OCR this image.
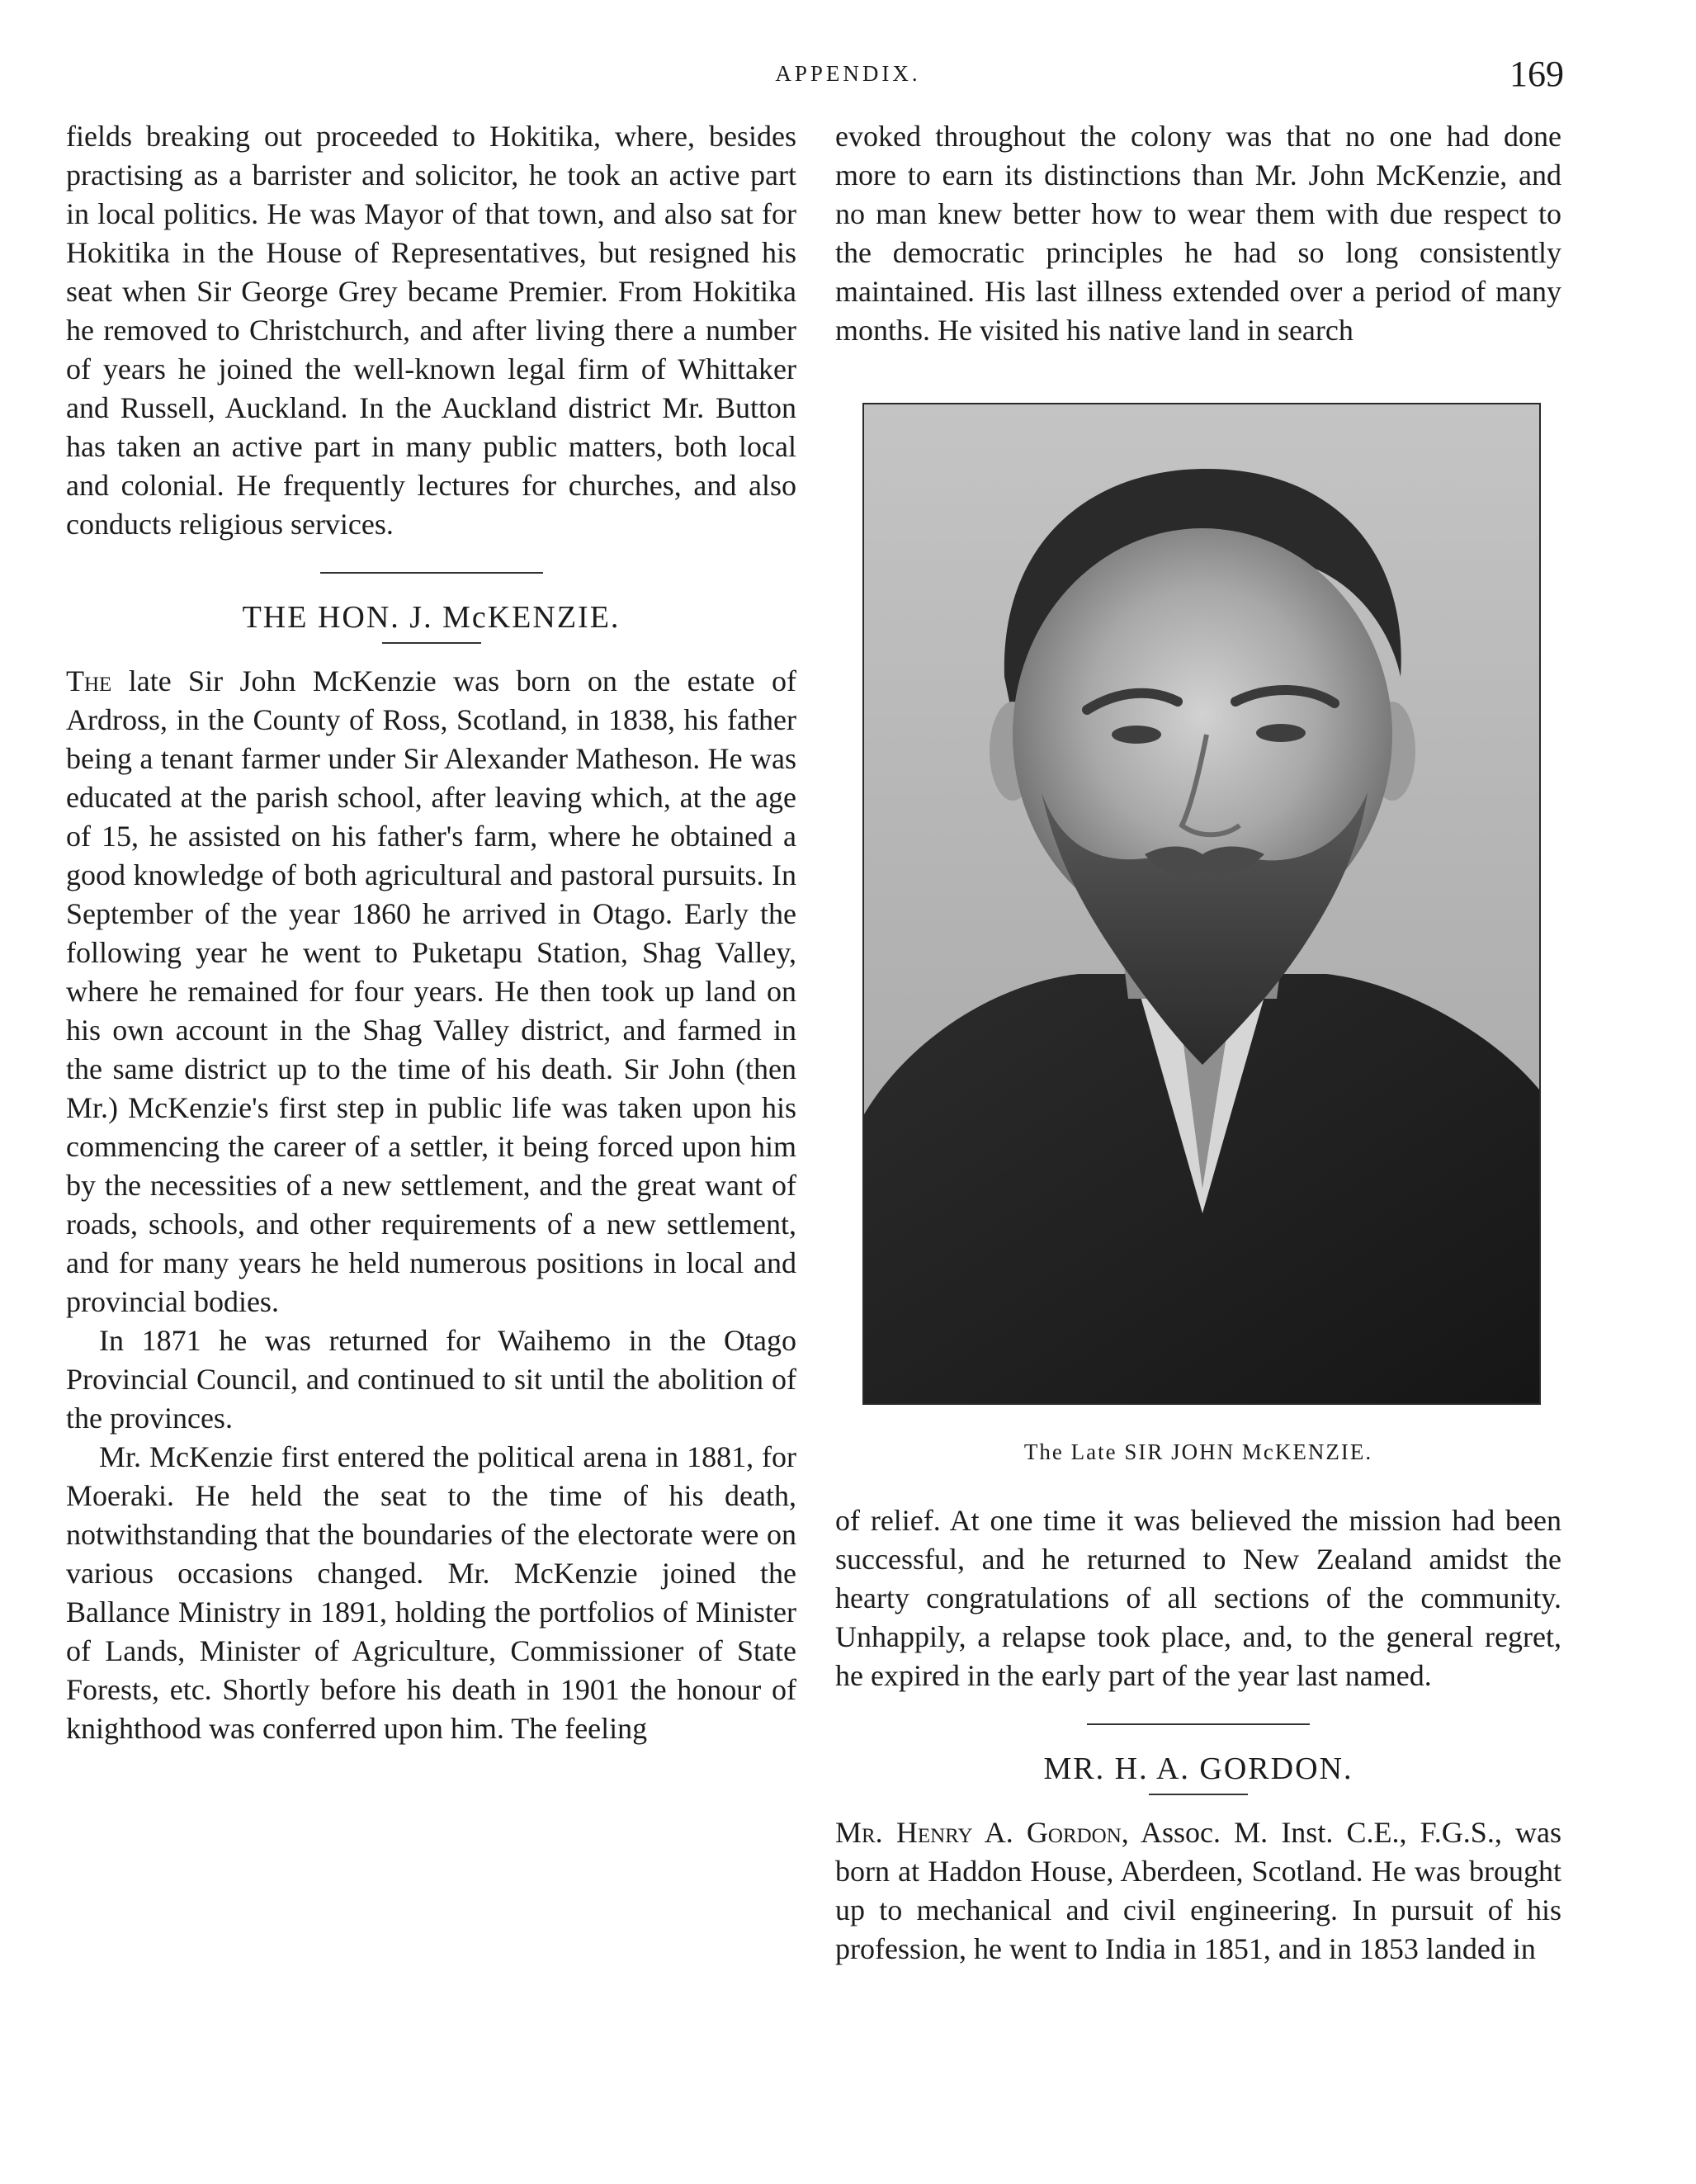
APPENDIX.	169

fields breaking out proceeded to Hokitika, where, besides practising as a barrister and solicitor, he took an active part in local politics. He was Mayor of that town, and also sat for Hokitika in the House of Representatives, but resigned his seat when Sir George Grey became Premier. From Hokitika he removed to Christchurch, and after living there a number of years he joined the well-known legal firm of Whittaker and Russell, Auckland. In the Auckland district Mr. Button has taken an active part in many public matters, both local and colonial. He frequently lectures for churches, and also conducts religious services.

THE HON. J. McKENZIE.

The late Sir John McKenzie was born on the estate of Ardross, in the County of Ross, Scotland, in 1838, his father being a tenant farmer under Sir Alexander Matheson. He was educated at the parish school, after leaving which, at the age of 15, he assisted on his father's farm, where he obtained a good knowledge of both agricultural and pastoral pursuits. In September of the year 1860 he arrived in Otago. Early the following year he went to Puketapu Station, Shag Valley, where he remained for four years. He then took up land on his own account in the Shag Valley district, and farmed in the same district up to the time of his death. Sir John (then Mr.) McKenzie's first step in public life was taken upon his commencing the career of a settler, it being forced upon him by the necessities of a new settlement, and the great want of roads, schools, and other requirements of a new settlement, and for many years he held numerous positions in local and provincial bodies.

In 1871 he was returned for Waihemo in the Otago Provincial Council, and continued to sit until the abolition of the provinces.

Mr. McKenzie first entered the political arena in 1881, for Moeraki. He held the seat to the time of his death, notwithstanding that the boundaries of the electorate were on various occasions changed. Mr. McKenzie joined the Ballance Ministry in 1891, holding the portfolios of Minister of Lands, Minister of Agriculture, Commissioner of State Forests, etc. Shortly before his death in 1901 the honour of knighthood was conferred upon him. The feeling

evoked throughout the colony was that no one had done more to earn its distinctions than Mr. John McKenzie, and no man knew better how to wear them with due respect to the democratic principles he had so long consistently maintained. His last illness extended over a period of many months. He visited his native land in search

The Late SIR JOHN McKENZIE.

of relief. At one time it was believed the mission had been successful, and he returned to New Zealand amidst the hearty congratulations of all sections of the community. Unhappily, a relapse took place, and, to the general regret, he expired in the early part of the year last named.

MR. H. A. GORDON.

Mr. Henry A. Gordon, Assoc. M. Inst. C.E., F.G.S., was born at Haddon House, Aberdeen, Scotland. He was brought up to mechanical and civil engineering. In pursuit of his profession, he went to India in 1851, and in 1853 landed in
